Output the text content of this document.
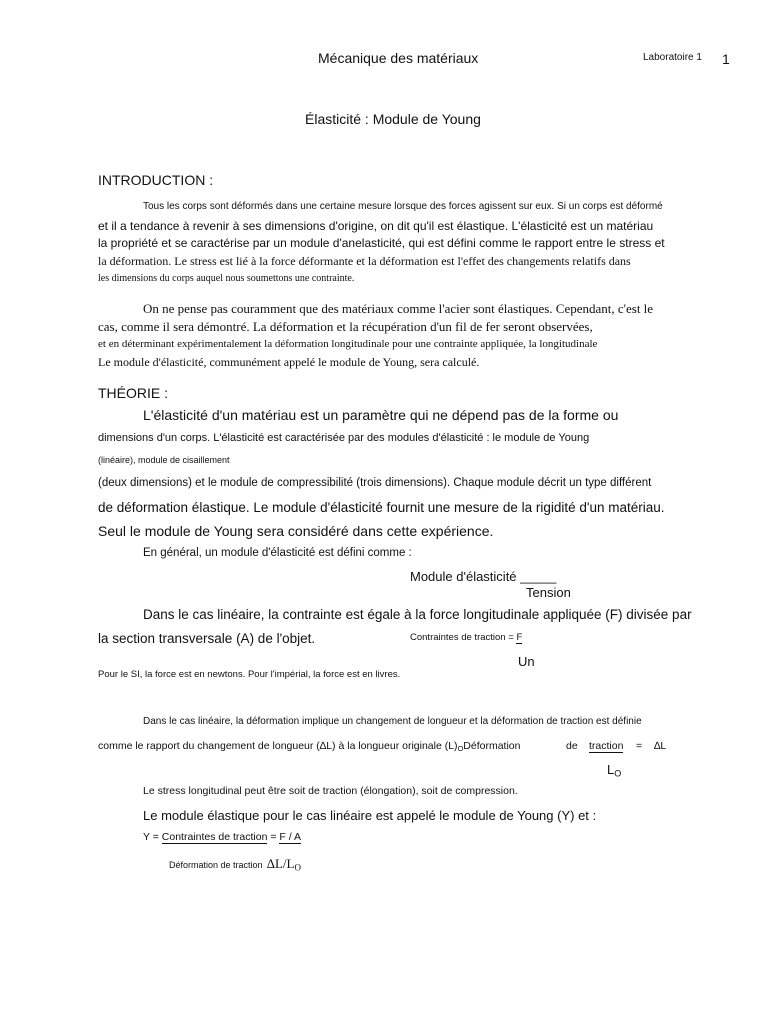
Mécanique des matériaux	Laboratoire 1 1
Élasticité : Module de Young
INTRODUCTION :
Tous les corps sont déformés dans une certaine mesure lorsque des forces agissent sur eux. Si un corps est déformé
et il a tendance à revenir à ses dimensions d'origine, on dit qu'il est élastique. L'élasticité est un matériau
la propriété et se caractérise par un module d'anelasticité, qui est défini comme le rapport entre le stress et
la déformation. Le stress est lié à la force déformante et la déformation est l'effet des changements relatifs dans
les dimensions du corps auquel nous soumettons une contrainte.
On ne pense pas couramment que des matériaux comme l'acier sont élastiques. Cependant, c'est le
cas, comme il sera démontré. La déformation et la récupération d'un fil de fer seront observées,
et en déterminant expérimentalement la déformation longitudinale pour une contrainte appliquée, la longitudinale
Le module d'élasticité, communément appelé le module de Young, sera calculé.
THÉORIE :
L'élasticité d'un matériau est un paramètre qui ne dépend pas de la forme ou
dimensions d'un corps. L'élasticité est caractérisée par des modules d'élasticité : le module de Young
(linéaire), module de cisaillement
(deux dimensions) et le module de compressibilité (trois dimensions). Chaque module décrit un type différent
de déformation élastique. Le module d'élasticité fournit une mesure de la rigidité d'un matériau.
Seul le module de Young sera considéré dans cette expérience.
En général, un module d'élasticité est défini comme :
Module d'élasticité _____
Tension
Dans le cas linéaire, la contrainte est égale à la force longitudinale appliquée (F) divisée par
la section transversale (A) de l'objet.	Contraintes de traction = F
Un
Pour le SI, la force est en newtons. Pour l'impérial, la force est en livres.
Dans le cas linéaire, la déformation implique un changement de longueur et la déformation de traction est définie
comme le rapport du changement de longueur (∆L) à la longueur originale $(L)_ODéformation$	de traction = ∆L
$L_O$
Le stress longitudinal peut être soit de traction (élongation), soit de compression.
Le module élastique pour le cas linéaire est appelé le module de Young (Y) et :
Y = Contraintes de traction = F / A
Déformation de traction $\Delta L/L_O$
